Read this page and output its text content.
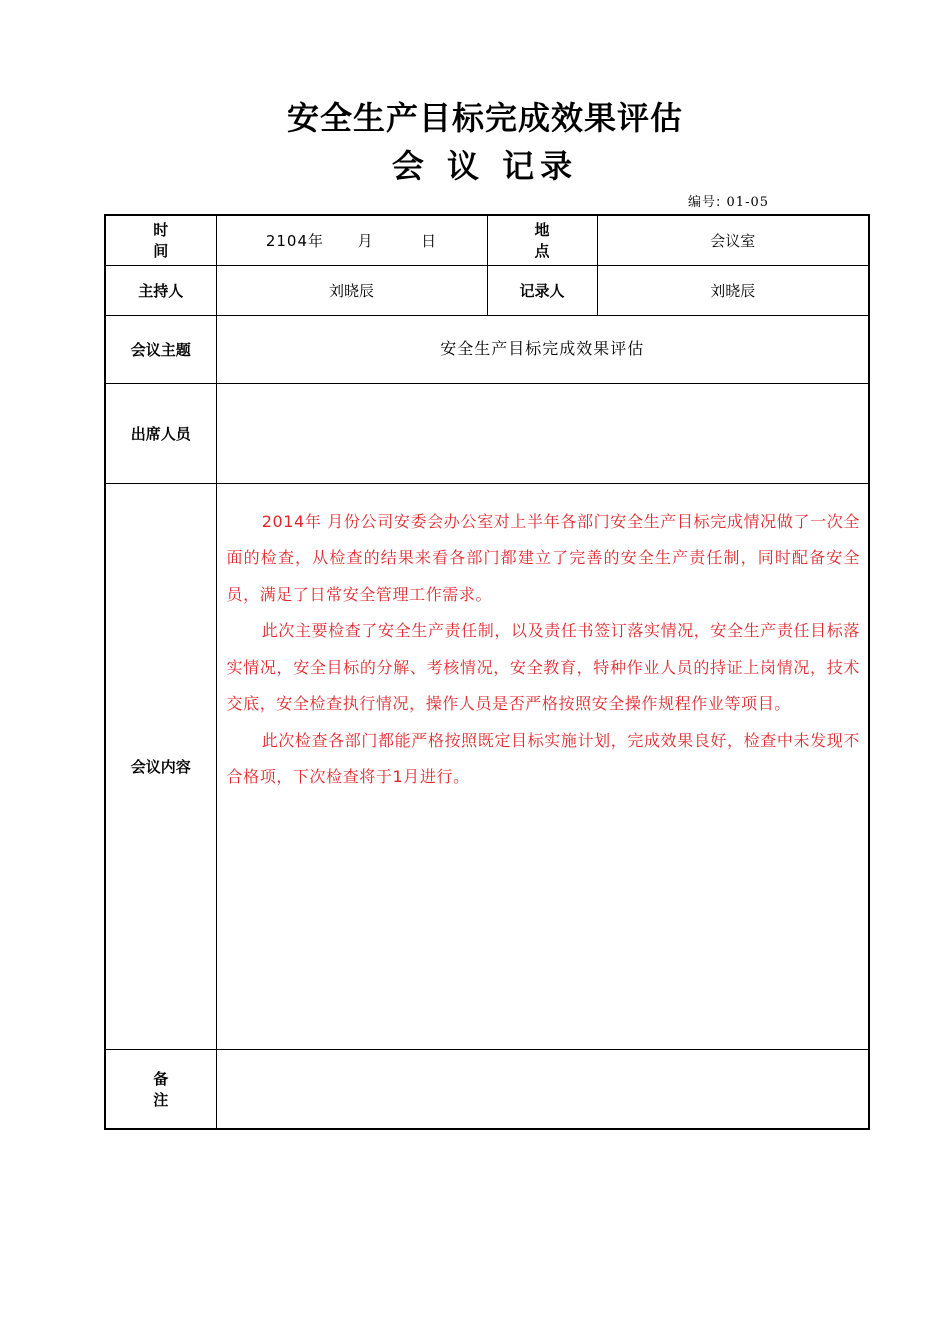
安全生产目标完成效果评估
会 议 记录
编号: 01-05
时 间	2104年 月 日	地 点	会议室
主持人	刘晓辰	记录人	刘晓辰
会议主题	安全生产目标完成效果评估		
出席人员			
会议内容	2014年 月份公司安委会办公室对上半年各部门安全生产目标完成情况做了一次全面的检查，从检查的结果来看各部门都建立了完善的安全生产责任制，同时配备安全员，满足了日常安全管理工作需求。

此次主要检查了安全生产责任制，以及责任书签订落实情况，安全生产责任目标落实情况，安全目标的分解、考核情况，安全教育，特种作业人员的持证上岗情况，技术交底，安全检查执行情况，操作人员是否严格按照安全操作规程作业等项目。

此次检查各部门都能严格按照既定目标实施计划，完成效果良好，检查中未发现不合格项，下次检查将于1月进行。		

备 注			
